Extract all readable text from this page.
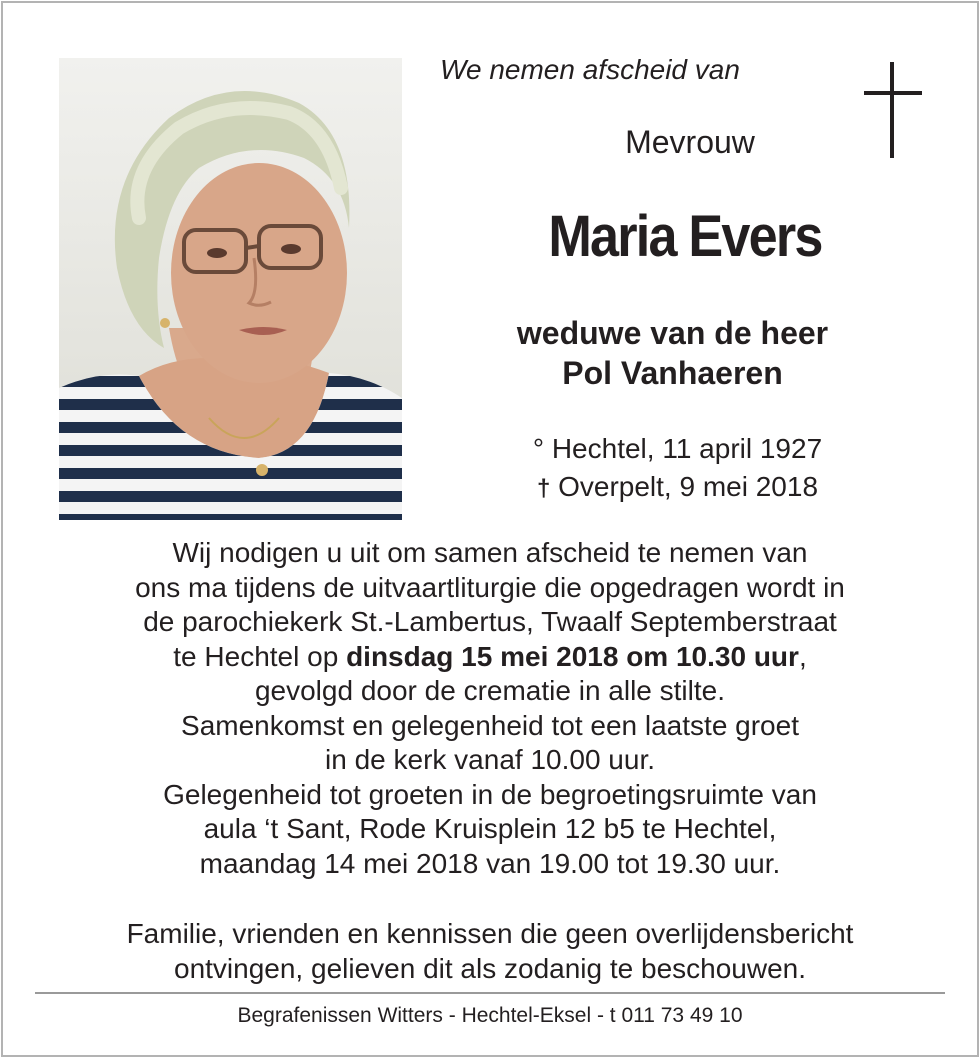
We nemen afscheid van
Mevrouw
Maria Evers
weduwe van de heer
Pol Vanhaeren
° Hechtel, 11 april 1927
† Overpelt, 9 mei 2018
Wij nodigen u uit om samen afscheid te nemen van
ons ma tijdens de uitvaartliturgie die opgedragen wordt in
de parochiekerk St.-Lambertus, Twaalf Septemberstraat
te Hechtel op dinsdag 15 mei 2018 om 10.30 uur,
gevolgd door de crematie in alle stilte.
Samenkomst en gelegenheid tot een laatste groet
in de kerk vanaf 10.00 uur.
Gelegenheid tot groeten in de begroetingsruimte van
aula ‘t Sant, Rode Kruisplein 12 b5 te Hechtel,
maandag 14 mei 2018 van 19.00 tot 19.30 uur.
Familie, vrienden en kennissen die geen overlijdensbericht
ontvingen, gelieven dit als zodanig te beschouwen.
Begrafenissen Witters - Hechtel-Eksel - t 011 73 49 10
